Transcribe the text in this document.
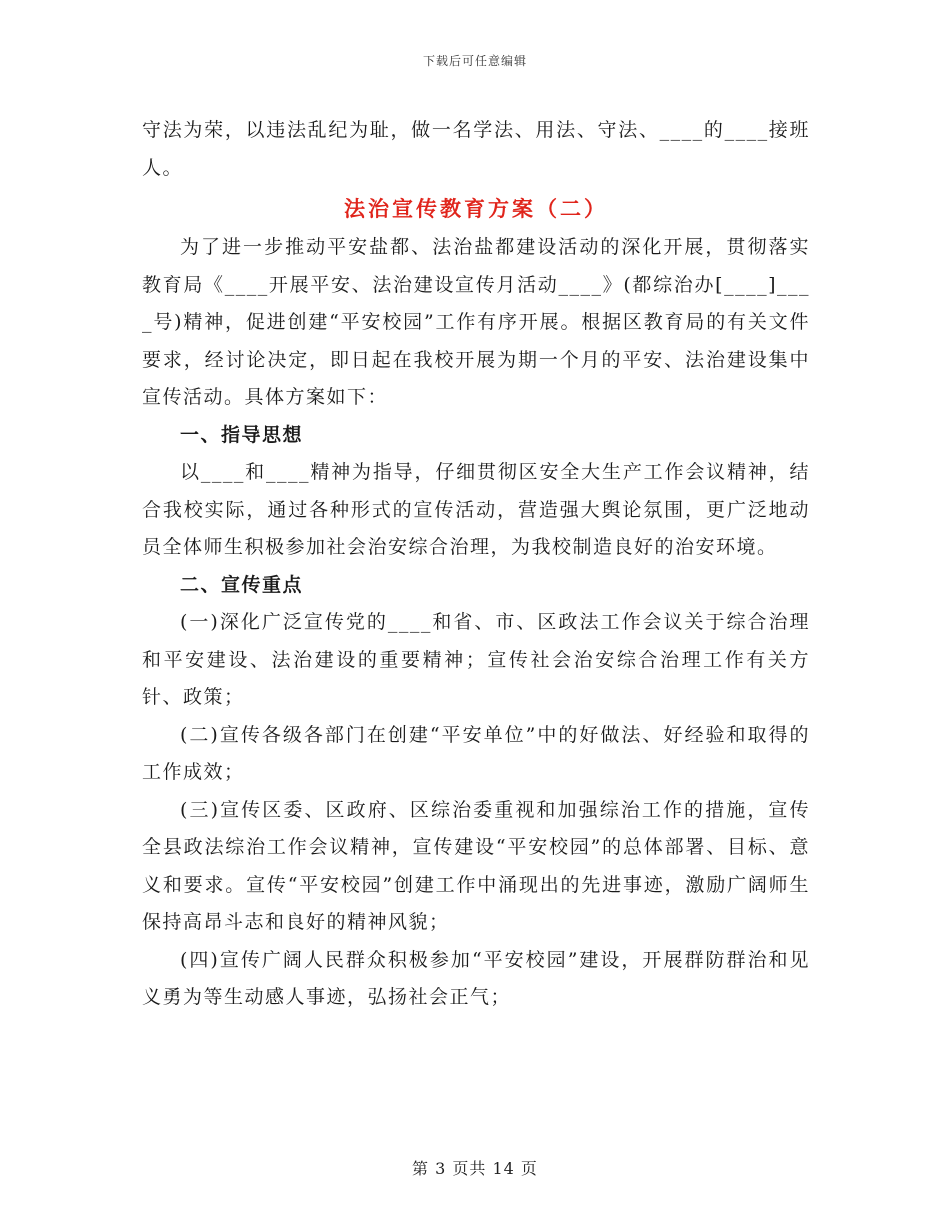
下载后可任意编辑

守法为荣，以违法乱纪为耻，做一名学法、用法、守法、____的____接班人。

法治宣传教育方案（二）

为了进一步推动平安盐都、法治盐都建设活动的深化开展，贯彻落实教育局《____开展平安、法治建设宣传月活动____》(都综治办[____]____号)精神，促进创建“平安校园”工作有序开展。根据区教育局的有关文件要求，经讨论决定，即日起在我校开展为期一个月的平安、法治建设集中宣传活动。具体方案如下：

一、指导思想

以____和____精神为指导，仔细贯彻区安全大生产工作会议精神，结合我校实际，通过各种形式的宣传活动，营造强大舆论氛围，更广泛地动员全体师生积极参加社会治安综合治理，为我校制造良好的治安环境。

二、宣传重点

(一)深化广泛宣传党的____和省、市、区政法工作会议关于综合治理和平安建设、法治建设的重要精神；宣传社会治安综合治理工作有关方针、政策；

(二)宣传各级各部门在创建“平安单位”中的好做法、好经验和取得的工作成效；

(三)宣传区委、区政府、区综治委重视和加强综治工作的措施，宣传全县政法综治工作会议精神，宣传建设“平安校园”的总体部署、目标、意义和要求。宣传“平安校园”创建工作中涌现出的先进事迹，激励广阔师生保持高昂斗志和良好的精神风貌；

(四)宣传广阔人民群众积极参加“平安校园”建设，开展群防群治和见义勇为等生动感人事迹，弘扬社会正气；

第 3 页共 14 页
